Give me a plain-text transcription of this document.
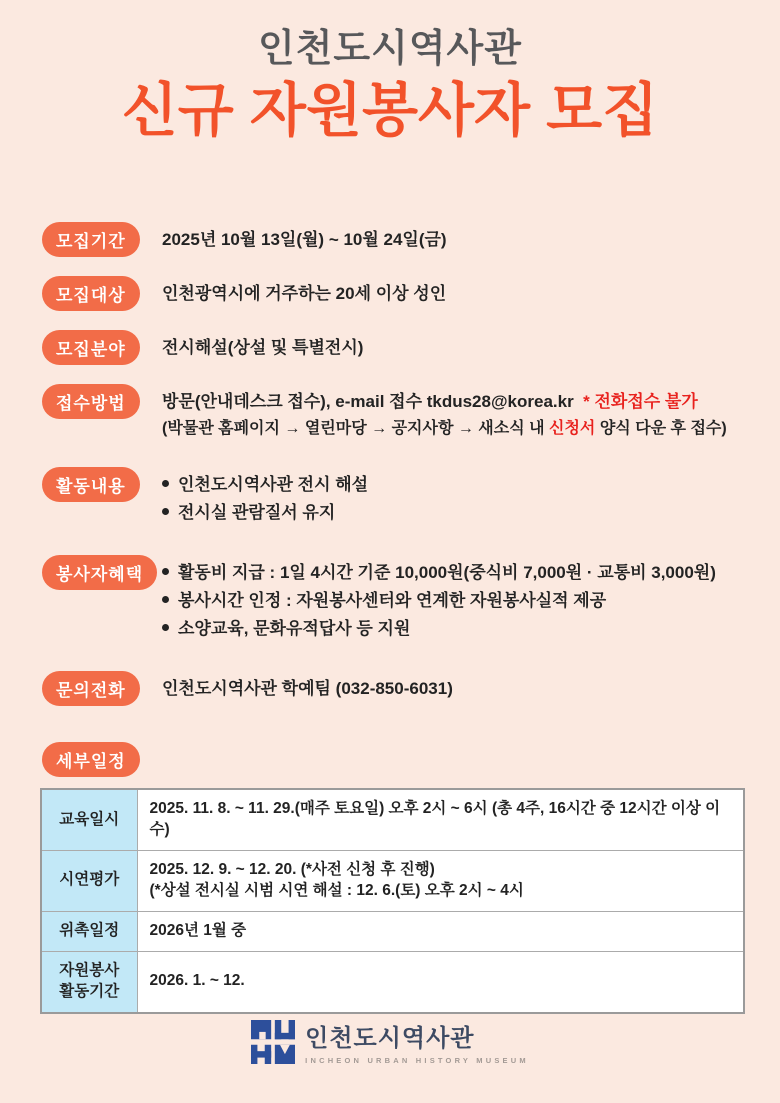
인천도시역사관
신규 자원봉사자 모집
모집기간	2025년 10월 13일(월) ~ 10월 24일(금)
모집대상	인천광역시에 거주하는 20세 이상 성인
모집분야	전시해설(상설 및 특별전시)
접수방법	방문(안내데스크 접수), e-mail 접수 tkdus28@korea.kr * 전화접수 불가
(박물관 홈페이지 → 열린마당 → 공지사항 → 새소식 내 신청서 양식 다운 후 접수)
활동내용	인천도시역사관 전시 해설
전시실 관람질서 유지
봉사자혜택	활동비 지급 : 1일 4시간 기준 10,000원(중식비 7,000원 · 교통비 3,000원)
봉사시간 인정 : 자원봉사센터와 연계한 자원봉사실적 제공
소양교육, 문화유적답사 등 지원
문의전화	인천도시역사관 학예팀 (032-850-6031)
세부일정
교육일시	2025. 11. 8. ~ 11. 29.(매주 토요일) 오후 2시 ~ 6시 (총 4주, 16시간 중 12시간 이상 이수)

시연평가	2025. 12. 9. ~ 12. 20. (*사전 신청 후 진행)
(*상설 전시실 시범 시연 해설 : 12. 6.(토) 오후 2시 ~ 4시

위촉일정	2026년 1월 중

자원봉사 활동기간	2026. 1. ~ 12.
인천도시역사관
INCHEON URBAN HISTORY MUSEUM
